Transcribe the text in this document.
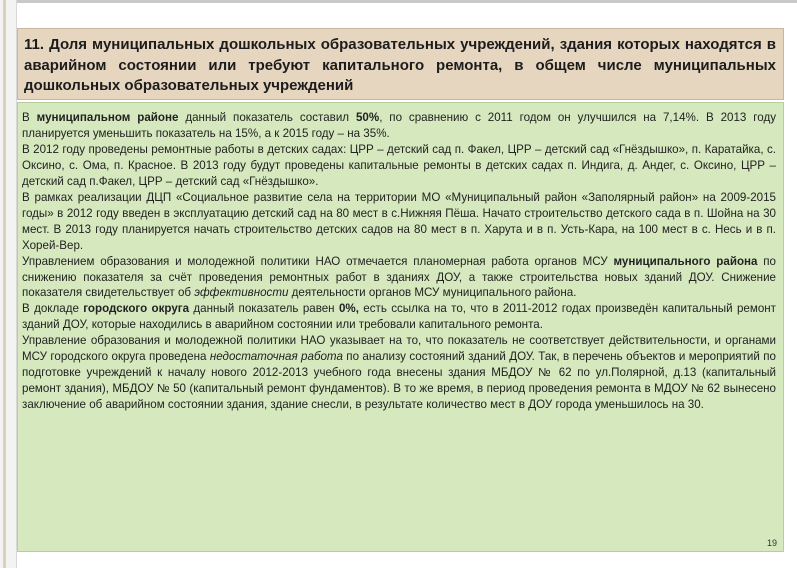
11. Доля муниципальных дошкольных образовательных учреждений, здания которых находятся в аварийном состоянии или требуют капитального ремонта, в общем числе муниципальных дошкольных образовательных учреждений

В муниципальном районе данный показатель составил 50%, по сравнению с 2011 годом он улучшился на 7,14%. В 2013 году планируется уменьшить показатель на 15%, а к 2015 году – на 35%.

В 2012 году проведены ремонтные работы в детских садах: ЦРР – детский сад п. Факел, ЦРР – детский сад «Гнёздышко», п. Каратайка, с. Оксино, с. Ома, п. Красное. В 2013 году будут проведены капитальные ремонты в детских садах п. Индига, д. Андег, с. Оксино, ЦРР – детский сад п.Факел, ЦРР – детский сад «Гнёздышко».

В рамках реализации ДЦП «Социальное развитие села на территории МО «Муниципальный район «Заполярный район» на 2009-2015 годы» в 2012 году введен в эксплуатацию детский сад на 80 мест в с.Нижняя Пёша. Начато строительство детского сада в п. Шойна на 30 мест. В 2013 году планируется начать строительство детских садов на 80 мест в п. Харута и в п. Усть-Кара, на 100 мест в с. Несь и в п. Хорей-Вер.

Управлением образования и молодежной политики НАО отмечается планомерная работа органов МСУ муниципального района по снижению показателя за счёт проведения ремонтных работ в зданиях ДОУ, а также строительства новых зданий ДОУ. Снижение показателя свидетельствует об эффективности деятельности органов МСУ муниципального района.

В докладе городского округа данный показатель равен 0%, есть ссылка на то, что в 2011-2012 годах произведён капитальный ремонт зданий ДОУ, которые находились в аварийном состоянии или требовали капитального ремонта.

Управление образования и молодежной политики НАО указывает на то, что показатель не соответствует действительности, и органами МСУ городского округа проведена недостаточная работа по анализу состояний зданий ДОУ. Так, в перечень объектов и мероприятий по подготовке учреждений к началу нового 2012-2013 учебного года внесены здания МБДОУ № 62 по ул.Полярной, д.13 (капитальный ремонт здания), МБДОУ № 50 (капитальный ремонт фундаментов). В то же время, в период проведения ремонта в МДОУ № 62 вынесено заключение об аварийном состоянии здания, здание снесли, в результате количество мест в ДОУ города уменьшилось на 30.

19
